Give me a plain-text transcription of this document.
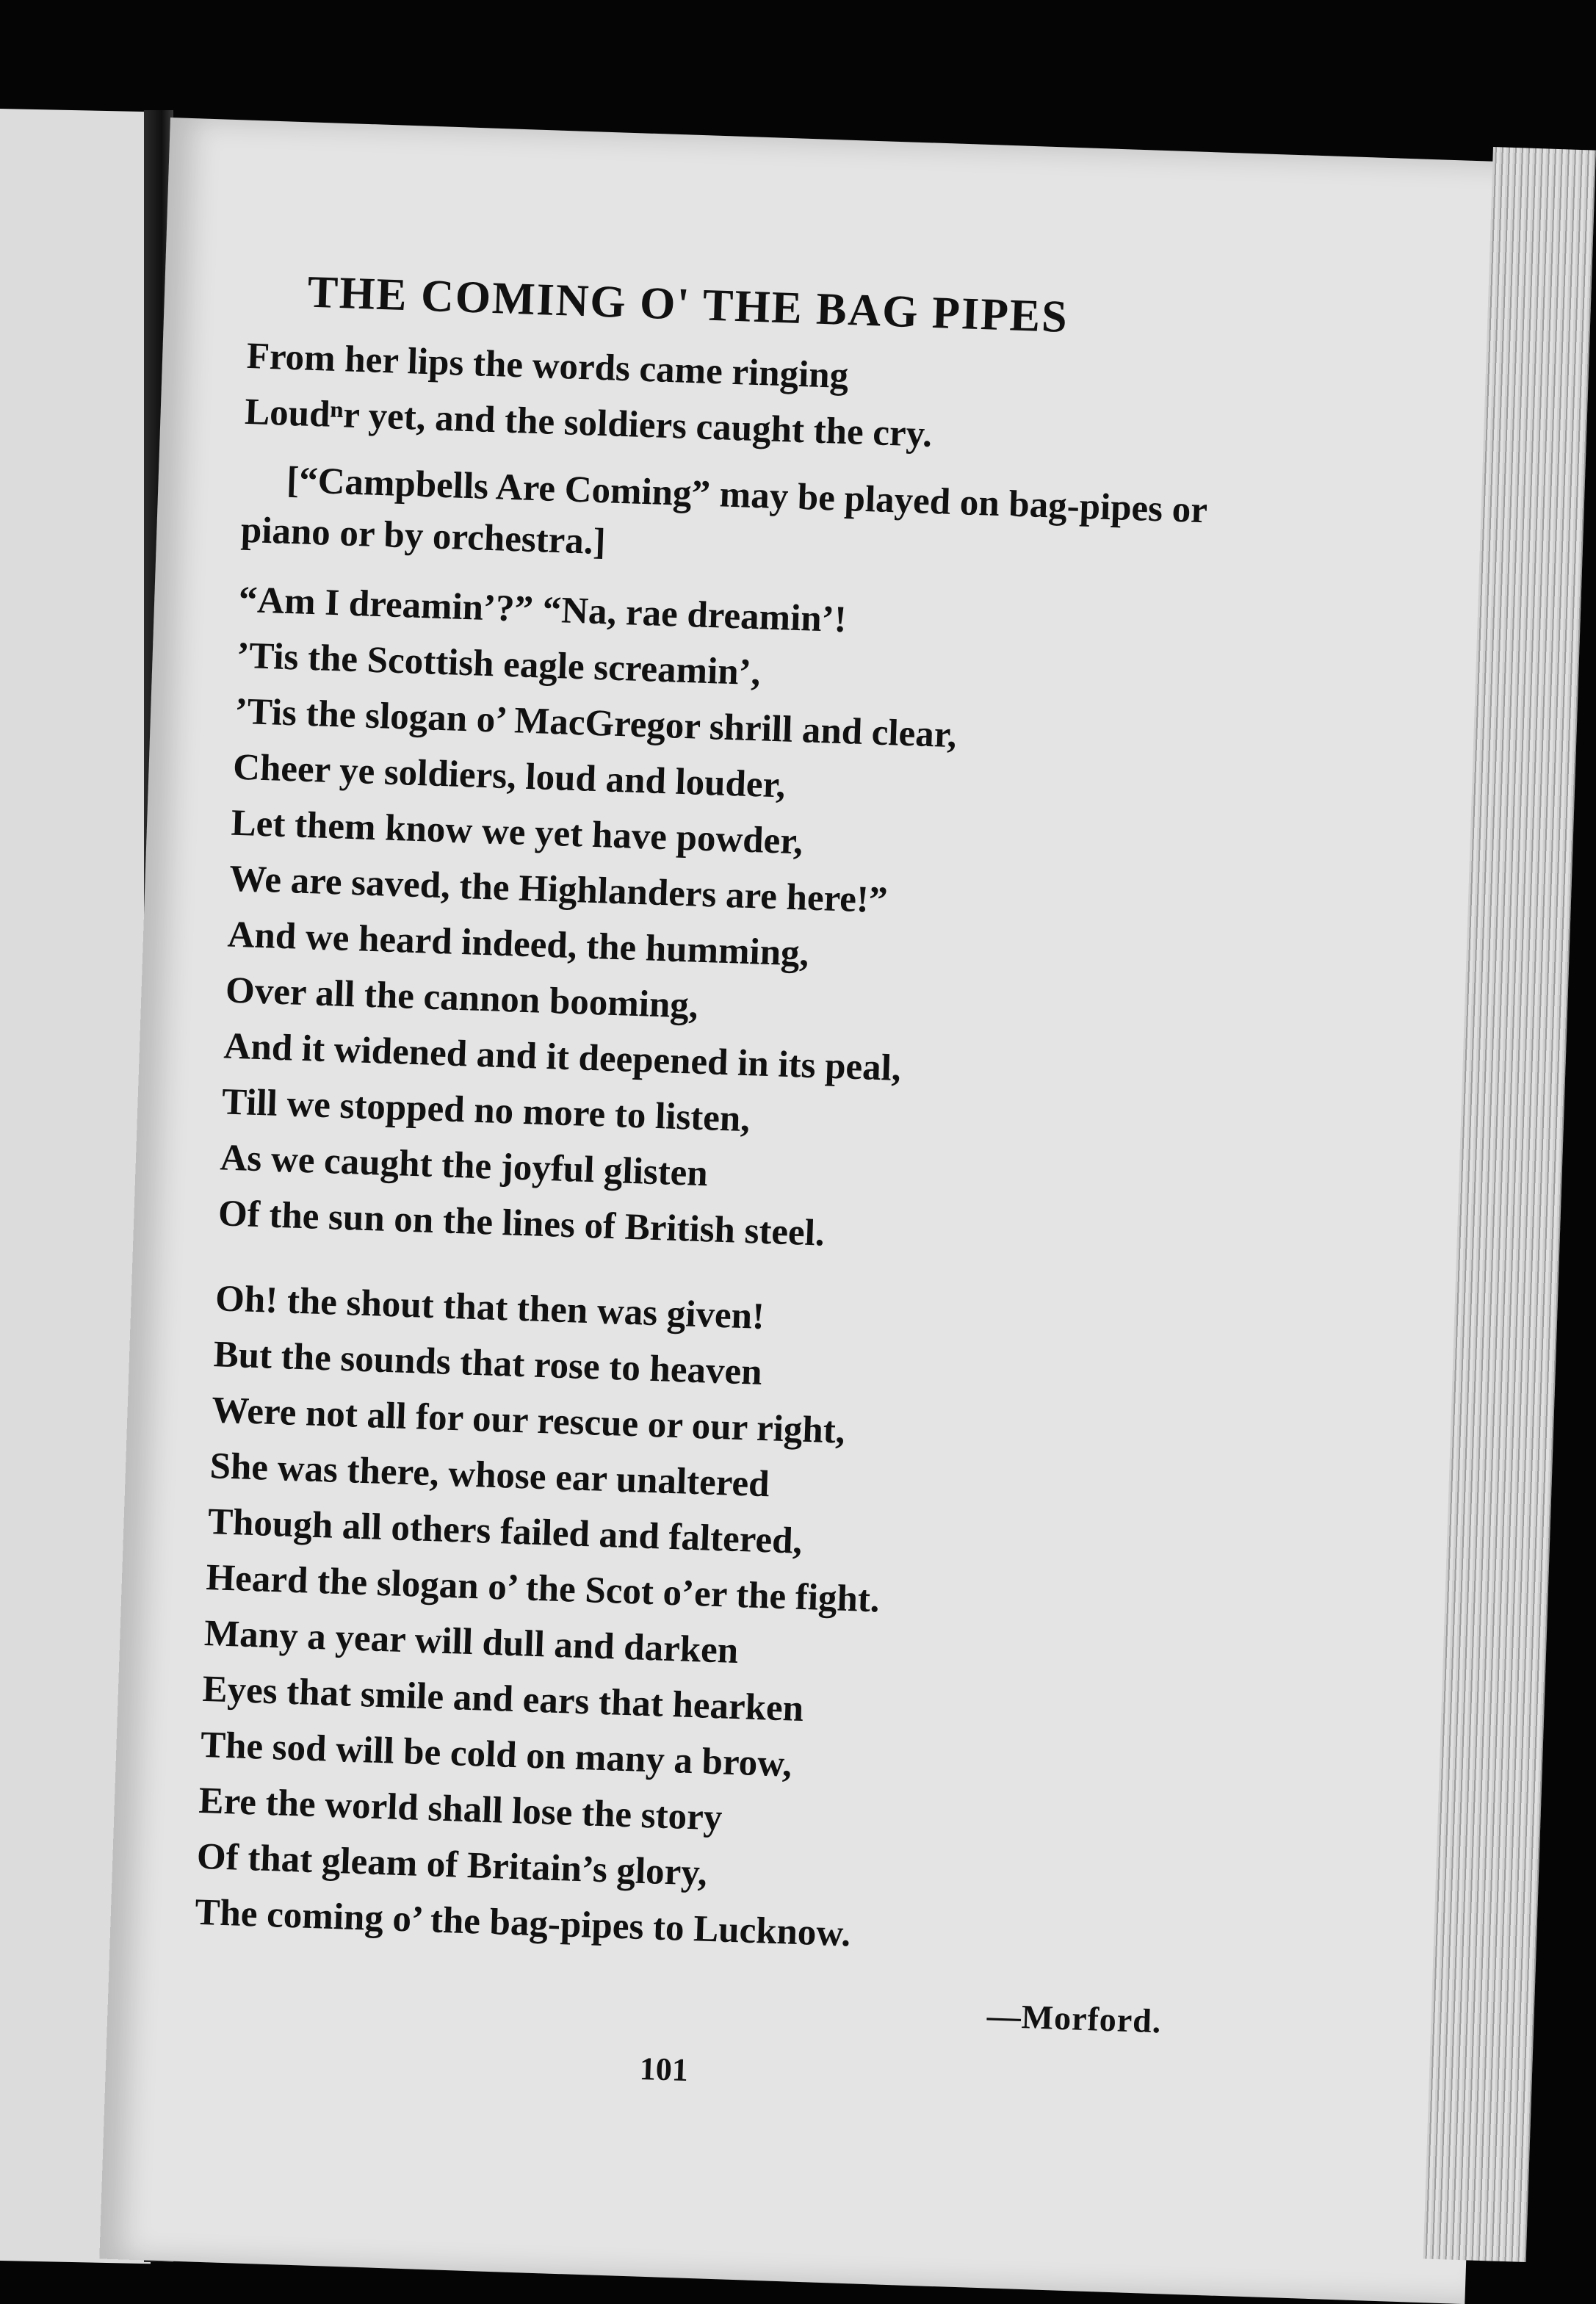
THE COMING O' THE BAG PIPES
From her lips the words came ringing
Loudⁿr yet, and the soldiers caught the cry.
[“Campbells Are Coming” may be played on bag-pipes or piano or by orchestra.]
“Am I dreamin’?” “Na, rae dreamin’!
’Tis the Scottish eagle screamin’,
’Tis the slogan o’ MacGregor shrill and clear,
Cheer ye soldiers, loud and louder,
Let them know we yet have powder,
We are saved, the Highlanders are here!”
And we heard indeed, the humming,
Over all the cannon booming,
And it widened and it deepened in its peal,
Till we stopped no more to listen,
As we caught the joyful glisten
Of the sun on the lines of British steel.
Oh! the shout that then was given!
But the sounds that rose to heaven
Were not all for our rescue or our right,
She was there, whose ear unaltered
Though all others failed and faltered,
Heard the slogan o’ the Scot o’er the fight.
Many a year will dull and darken
Eyes that smile and ears that hearken
The sod will be cold on many a brow,
Ere the world shall lose the story
Of that gleam of Britain’s glory,
The coming o’ the bag-pipes to Lucknow.
—Morford.
101
